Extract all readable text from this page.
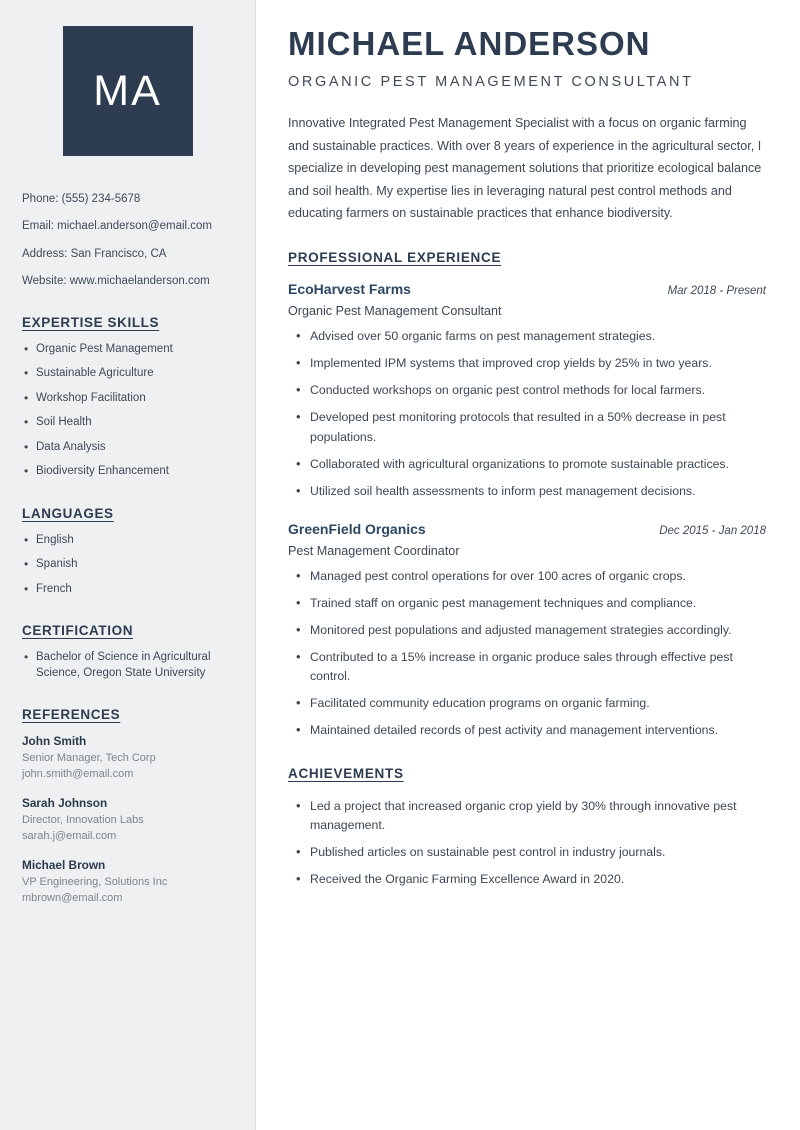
MA
Phone: (555) 234-5678
Email: michael.anderson@email.com
Address: San Francisco, CA
Website: www.michaelanderson.com
EXPERTISE SKILLS
• Organic Pest Management
• Sustainable Agriculture
• Workshop Facilitation
• Soil Health
• Data Analysis
• Biodiversity Enhancement
LANGUAGES
• English
• Spanish
• French
CERTIFICATION
• Bachelor of Science in Agricultural Science, Oregon State University
REFERENCES
John Smith
Senior Manager, Tech Corp
john.smith@email.com
Sarah Johnson
Director, Innovation Labs
sarah.j@email.com
Michael Brown
VP Engineering, Solutions Inc
mbrown@email.com
MICHAEL ANDERSON
ORGANIC PEST MANAGEMENT CONSULTANT

Innovative Integrated Pest Management Specialist with a focus on organic farming and sustainable practices. With over 8 years of experience in the agricultural sector, I specialize in developing pest management solutions that prioritize ecological balance and soil health. My expertise lies in leveraging natural pest control methods and educating farmers on sustainable practices that enhance biodiversity.

PROFESSIONAL EXPERIENCE
EcoHarvest Farms	Mar 2018 - Present
Organic Pest Management Consultant
• Advised over 50 organic farms on pest management strategies.
• Implemented IPM systems that improved crop yields by 25% in two years.
• Conducted workshops on organic pest control methods for local farmers.
• Developed pest monitoring protocols that resulted in a 50% decrease in pest populations.
• Collaborated with agricultural organizations to promote sustainable practices.
• Utilized soil health assessments to inform pest management decisions.
GreenField Organics	Dec 2015 - Jan 2018
Pest Management Coordinator
• Managed pest control operations for over 100 acres of organic crops.
• Trained staff on organic pest management techniques and compliance.
• Monitored pest populations and adjusted management strategies accordingly.
• Contributed to a 15% increase in organic produce sales through effective pest control.
• Facilitated community education programs on organic farming.
• Maintained detailed records of pest activity and management interventions.
ACHIEVEMENTS
• Led a project that increased organic crop yield by 30% through innovative pest management.
• Published articles on sustainable pest control in industry journals.
• Received the Organic Farming Excellence Award in 2020.
